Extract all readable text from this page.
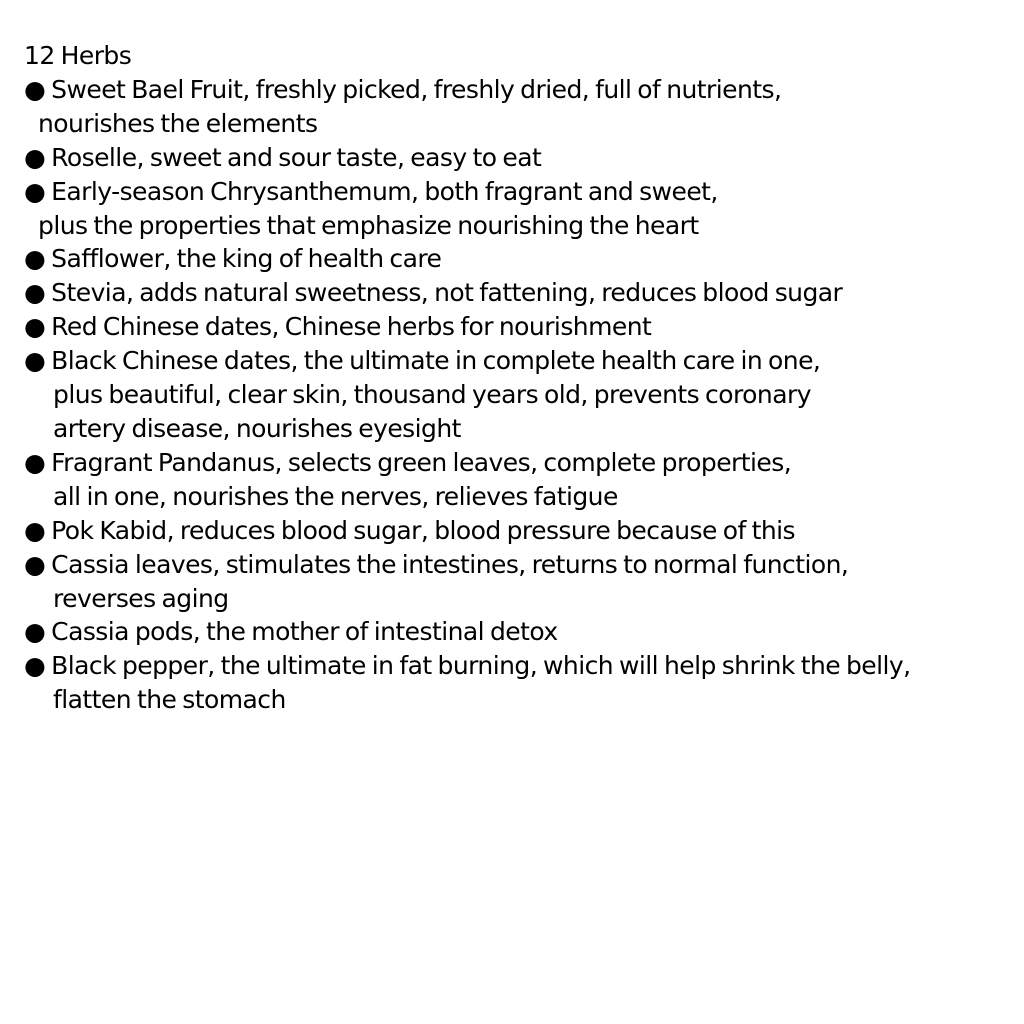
12 Herbs

● Sweet Bael Fruit, freshly picked, freshly dried, full of nutrients,

nourishes the elements

● Roselle, sweet and sour taste, easy to eat

● Early-season Chrysanthemum, both fragrant and sweet,

plus the properties that emphasize nourishing the heart

● Safflower, the king of health care

● Stevia, adds natural sweetness, not fattening, reduces blood sugar

● Red Chinese dates, Chinese herbs for nourishment

● Black Chinese dates, the ultimate in complete health care in one,

plus beautiful, clear skin, thousand years old, prevents coronary

artery disease, nourishes eyesight

● Fragrant Pandanus, selects green leaves, complete properties,

all in one, nourishes the nerves, relieves fatigue

● Pok Kabid, reduces blood sugar, blood pressure because of this

● Cassia leaves, stimulates the intestines, returns to normal function,

reverses aging

● Cassia pods, the mother of intestinal detox

● Black pepper, the ultimate in fat burning, which will help shrink the belly,

flatten the stomach
